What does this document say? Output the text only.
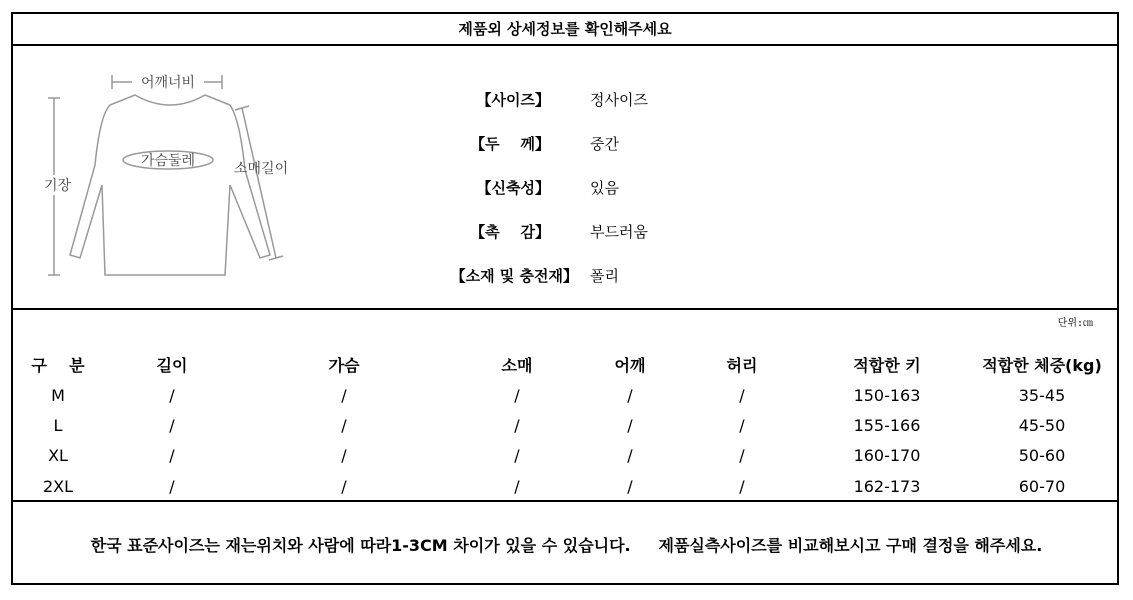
제품외 상세정보를 확인해주세요
어깨너비
가슴둘레
기장
소매길이
【사이즈】	정사이즈
【두    께】	중간
【신축성】	있음
【촉    감】	부드러움
【소재 및 충전재】 폴리
단위:㎝
구    분	길이	가슴	소매	어깨	허리	적합한 키	적합한 체중(kg)
M	/	/	/	/	/	150-163	35-45
L	/	/	/	/	/	155-166	45-50
XL	/	/	/	/	/	160-170	50-60
2XL	/	/	/	/	/	162-173	60-70
한국 표준사이즈는 재는위치와 사람에 따라1-3CM 차이가 있을 수 있습니다.     제품실측사이즈를 비교해보시고 구매 결정을 해주세요.
